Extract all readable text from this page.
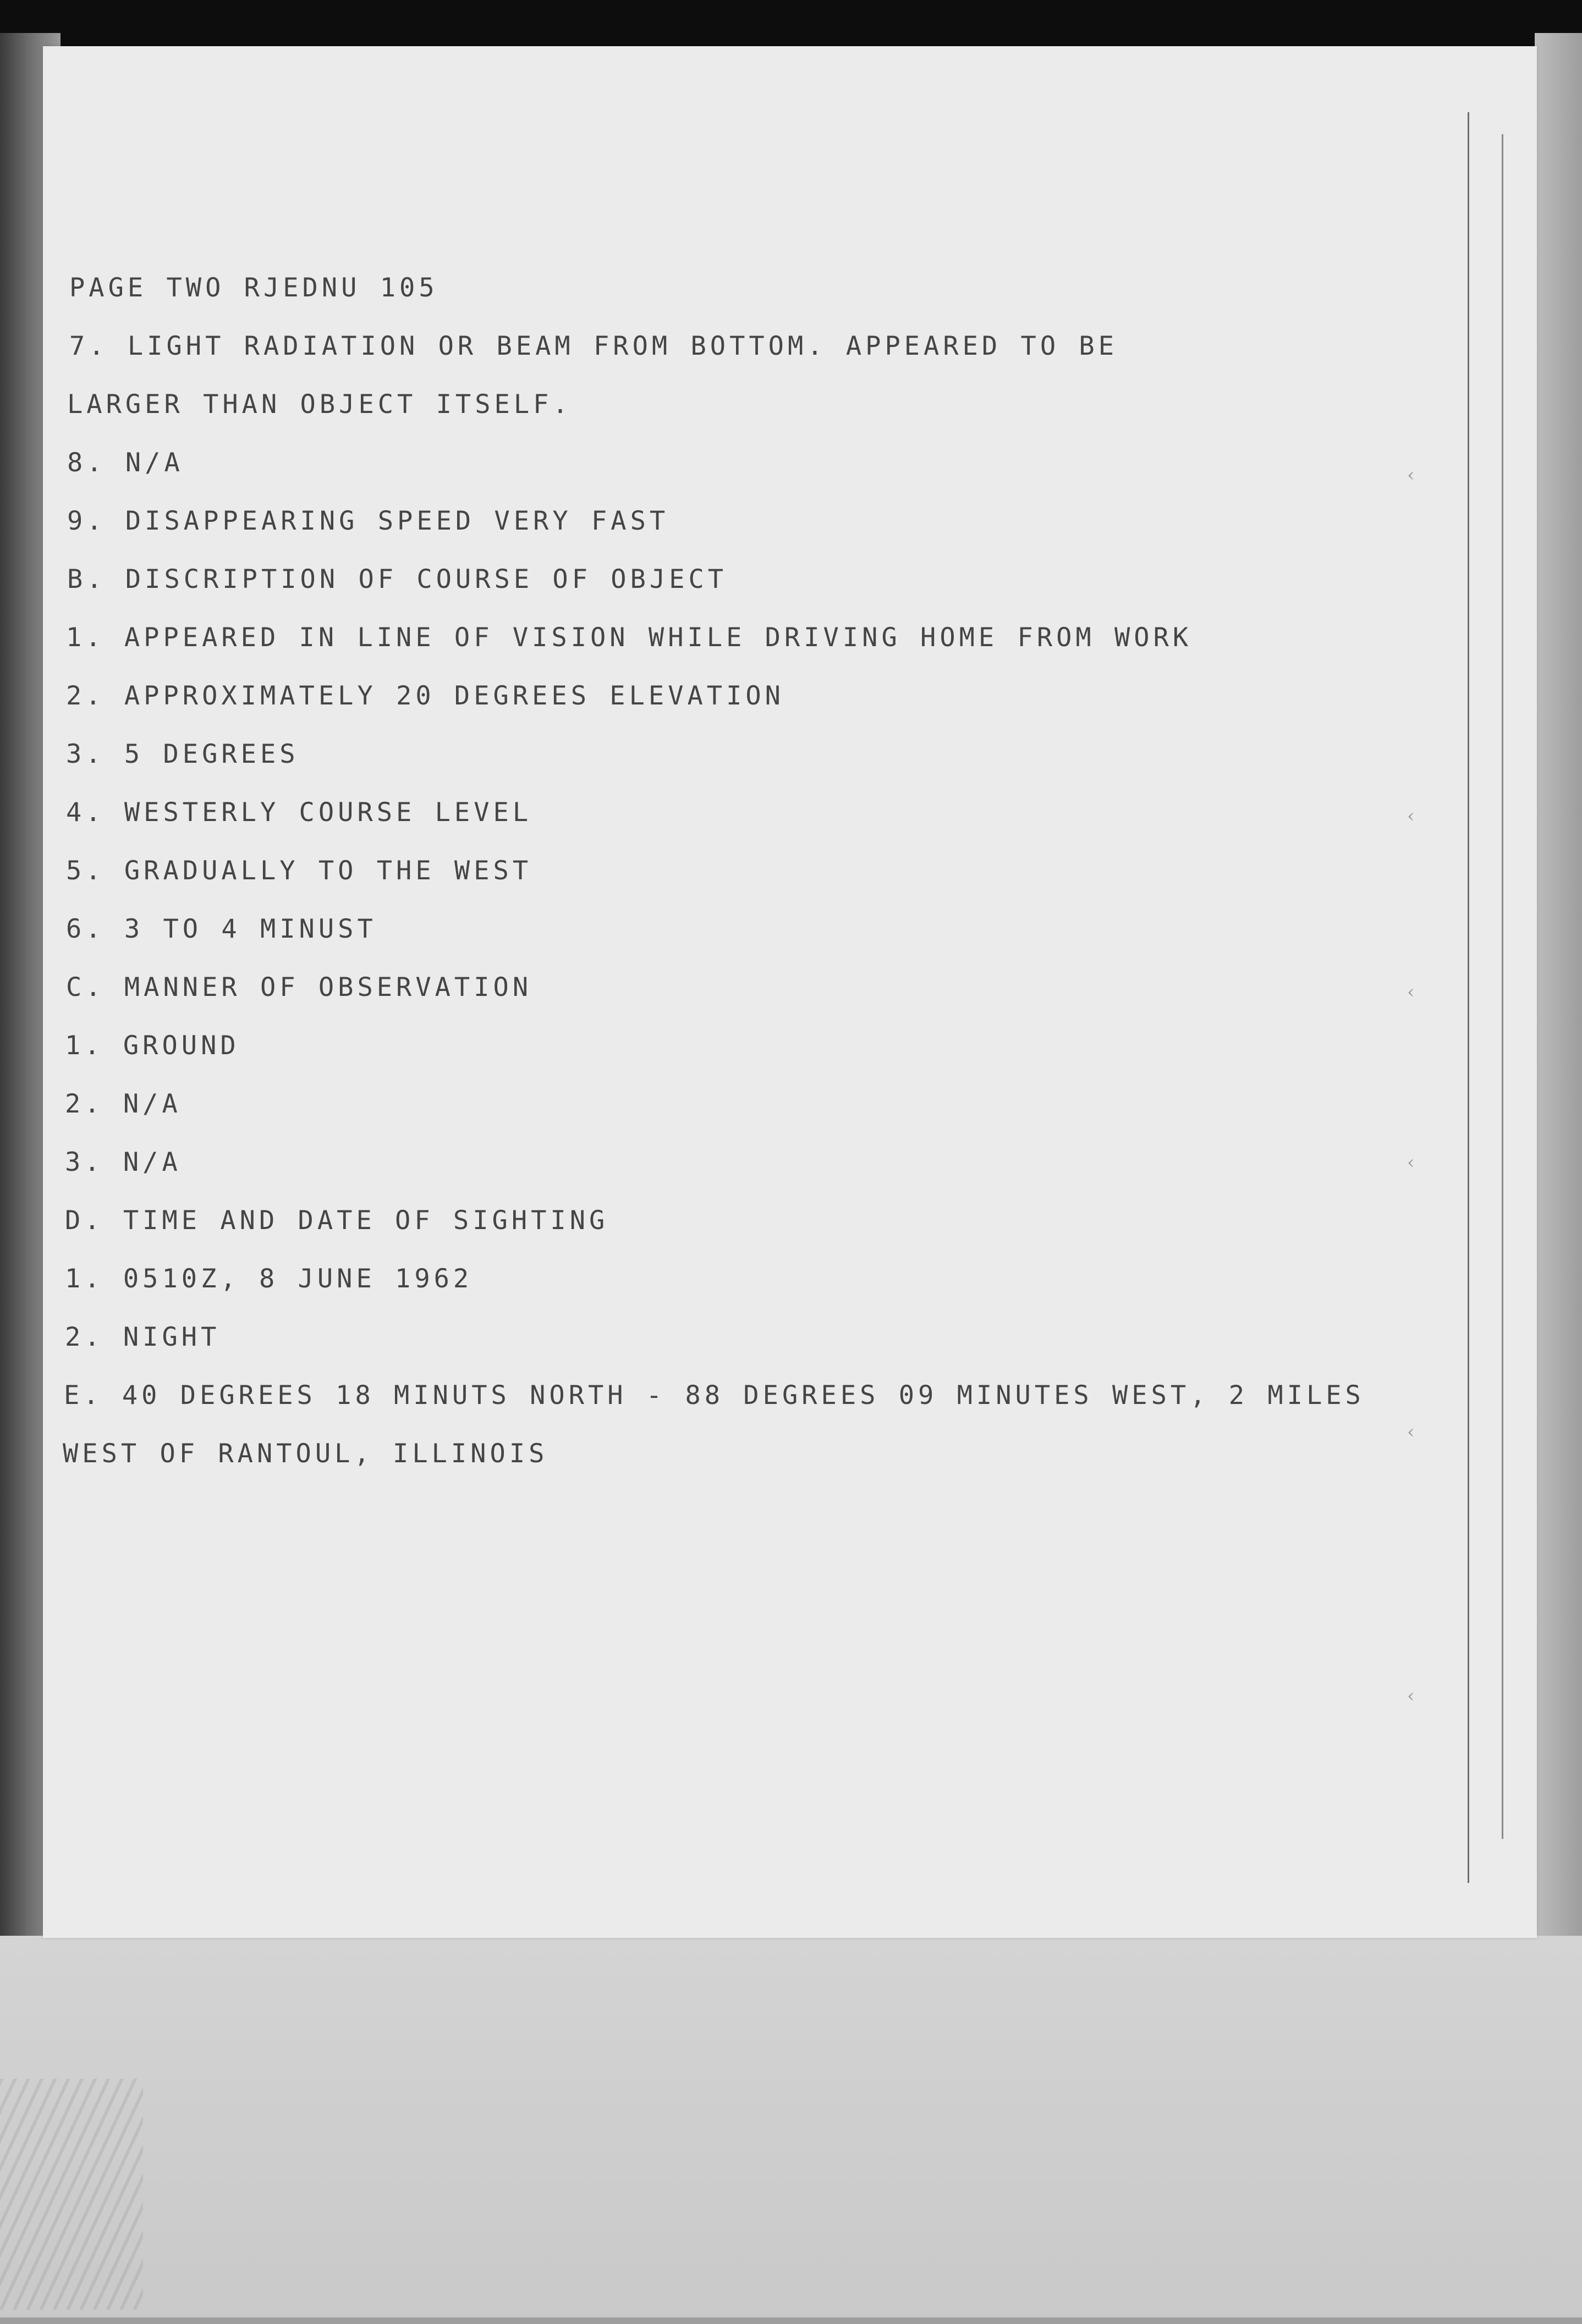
PAGE TWO RJEDNU 105

7. LIGHT RADIATION OR BEAM FROM BOTTOM. APPEARED TO BE

LARGER THAN OBJECT ITSELF.

8. N/A

9. DISAPPEARING SPEED VERY FAST

B. DISCRIPTION OF COURSE OF OBJECT

1. APPEARED IN LINE OF VISION WHILE DRIVING HOME FROM WORK

2. APPROXIMATELY 20 DEGREES ELEVATION

3. 5 DEGREES

4. WESTERLY COURSE LEVEL

5. GRADUALLY TO THE WEST

6. 3 TO 4 MINUST

C. MANNER OF OBSERVATION

1. GROUND

2. N/A

3. N/A

D. TIME AND DATE OF SIGHTING

1. 0510Z, 8 JUNE 1962

2. NIGHT

E. 40 DEGREES 18 MINUTS NORTH - 88 DEGREES 09 MINUTES WEST, 2 MILES

WEST OF RANTOUL, ILLINOIS

‹
‹
‹
‹
‹
‹
